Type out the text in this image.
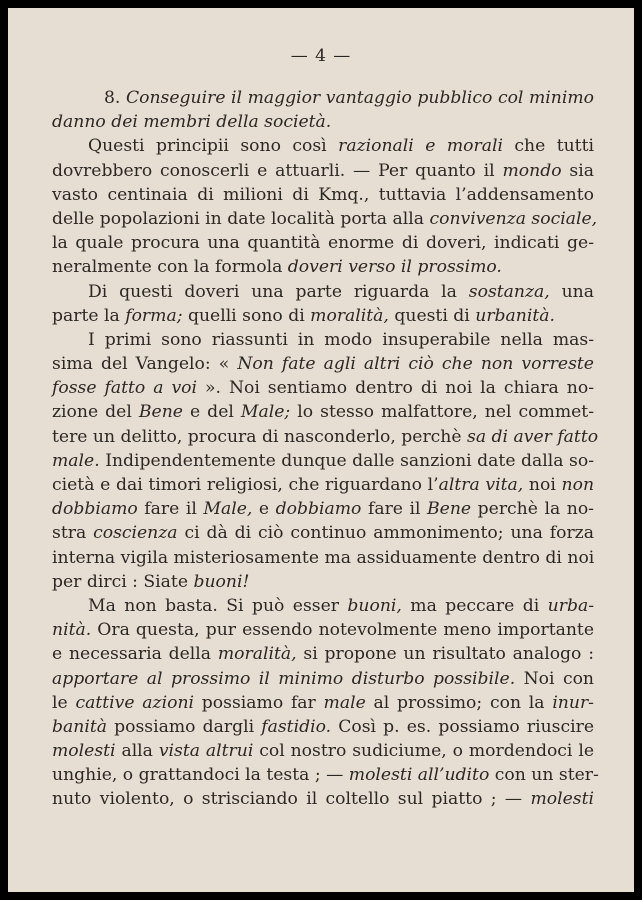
— 4 —
8. Conseguire il maggior vantaggio pubblico col minimo
danno dei membri della società.
Questi principii sono così razionali e morali che tutti
dovrebbero conoscerli e attuarli. — Per quanto il mondo sia
vasto centinaia di milioni di Kmq., tuttavia l’addensamento
delle popolazioni in date località porta alla convivenza sociale,
la quale procura una quantità enorme di doveri, indicati ge-
neralmente con la formola doveri verso il prossimo.
Di questi doveri una parte riguarda la sostanza, una
parte la forma; quelli sono di moralità, questi di urbanità.
I primi sono riassunti in modo insuperabile nella mas-
sima del Vangelo: « Non fate agli altri ciò che non vorreste
fosse fatto a voi ». Noi sentiamo dentro di noi la chiara no-
zione del Bene e del Male; lo stesso malfattore, nel commet-
tere un delitto, procura di nasconderlo, perchè sa di aver fatto
male. Indipendentemente dunque dalle sanzioni date dalla so-
cietà e dai timori religiosi, che riguardano l’altra vita, noi non
dobbiamo fare il Male, e dobbiamo fare il Bene perchè la no-
stra coscienza ci dà di ciò continuo ammonimento; una forza
interna vigila misteriosamente ma assiduamente dentro di noi
per dirci : Siate buoni!
Ma non basta. Si può esser buoni, ma peccare di urba-
nità. Ora questa, pur essendo notevolmente meno importante
e necessaria della moralità, si propone un risultato analogo :
apportare al prossimo il minimo disturbo possibile. Noi con
le cattive azioni possiamo far male al prossimo; con la inur-
banità possiamo dargli fastidio. Così p. es. possiamo riuscire
molesti alla vista altrui col nostro sudiciume, o mordendoci le
unghie, o grattandoci la testa ; — molesti all’udito con un ster-
nuto violento, o strisciando il coltello sul piatto ; — molesti
